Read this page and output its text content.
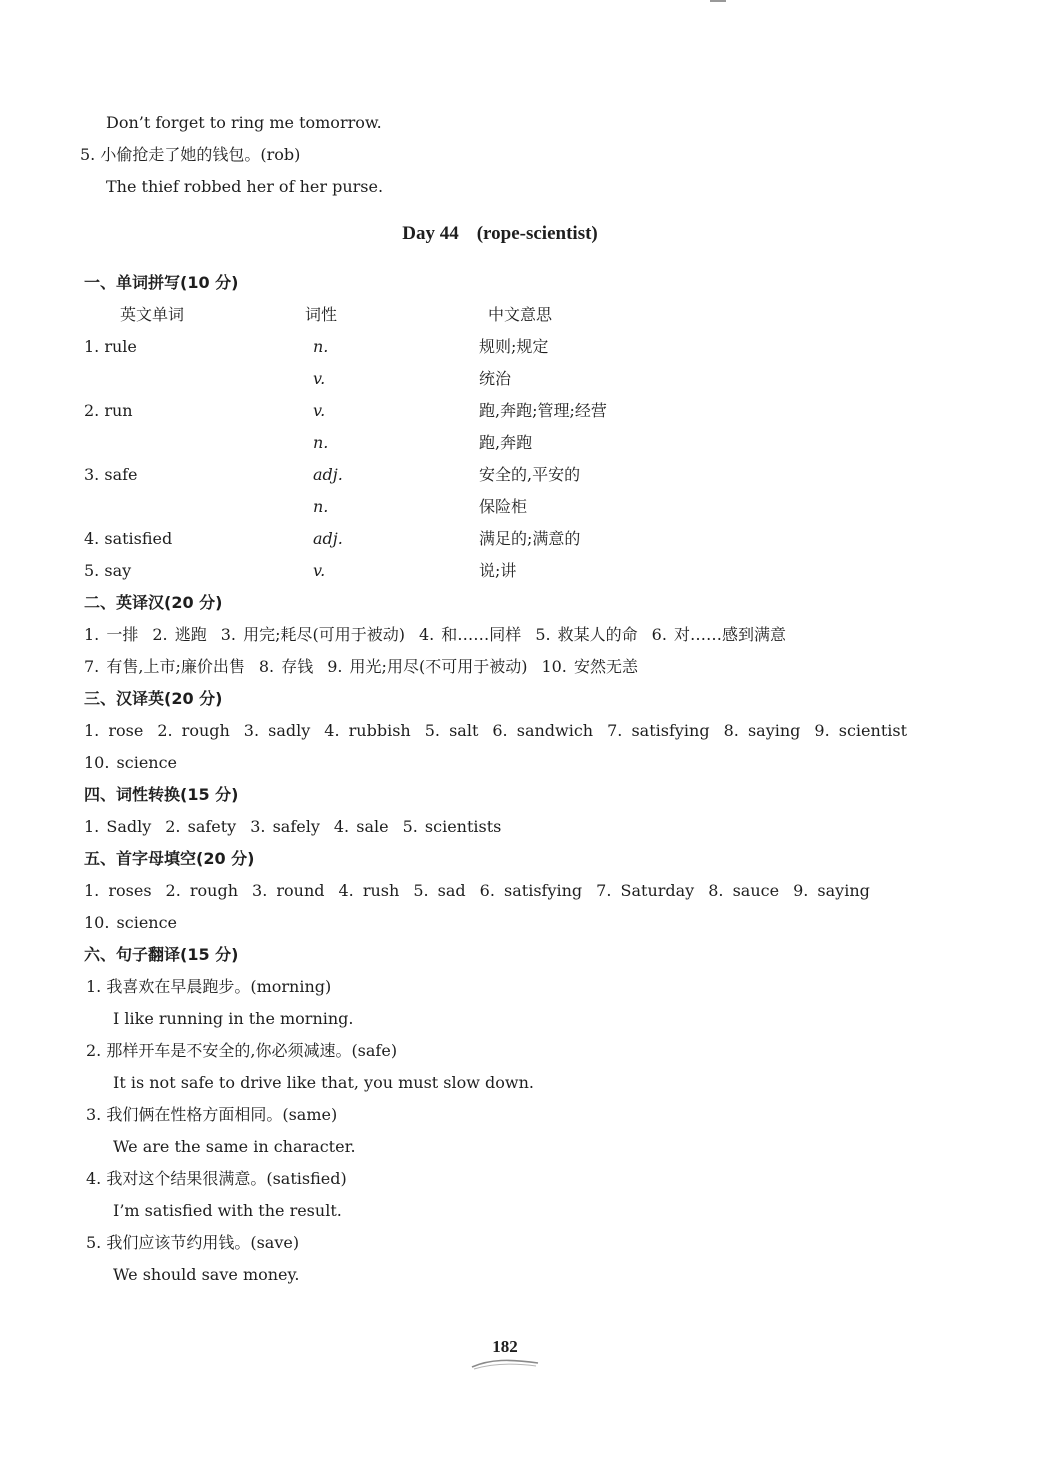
Don’t forget to ring me tomorrow.
5. 小偷抢走了她的钱包。(rob)
The thief robbed her of her purse.
Day 44 (rope-scientist)
一、单词拼写(10 分)
英文单词	词性	中文意思
1. rule	n.	规则;规定
v.	统治
2. run	v.	跑,奔跑;管理;经营
n.	跑,奔跑
3. safe	adj.	安全的,平安的
n.	保险柜
4. satisfied	adj.	满足的;满意的
5. say	v.	说;讲
二、英译汉(20 分)
1. 一排 2. 逃跑 3. 用完;耗尽(可用于被动) 4. 和……同样 5. 救某人的命 6. 对……感到满意
7. 有售,上市;廉价出售 8. 存钱 9. 用光;用尽(不可用于被动) 10. 安然无恙
三、汉译英(20 分)
1. rose 2. rough 3. sadly 4. rubbish 5. salt 6. sandwich 7. satisfying 8. saying 9. scientist
10. science
四、词性转换(15 分)
1. Sadly 2. safety 3. safely 4. sale 5. scientists
五、首字母填空(20 分)
1. roses 2. rough 3. round 4. rush 5. sad 6. satisfying 7. Saturday 8. sauce 9. saying
10. science
六、句子翻译(15 分)
1. 我喜欢在早晨跑步。(morning)
I like running in the morning.
2. 那样开车是不安全的,你必须减速。(safe)
It is not safe to drive like that, you must slow down.
3. 我们俩在性格方面相同。(same)
We are the same in character.
4. 我对这个结果很满意。(satisfied)
I’m satisfied with the result.
5. 我们应该节约用钱。(save)
We should save money.
182
